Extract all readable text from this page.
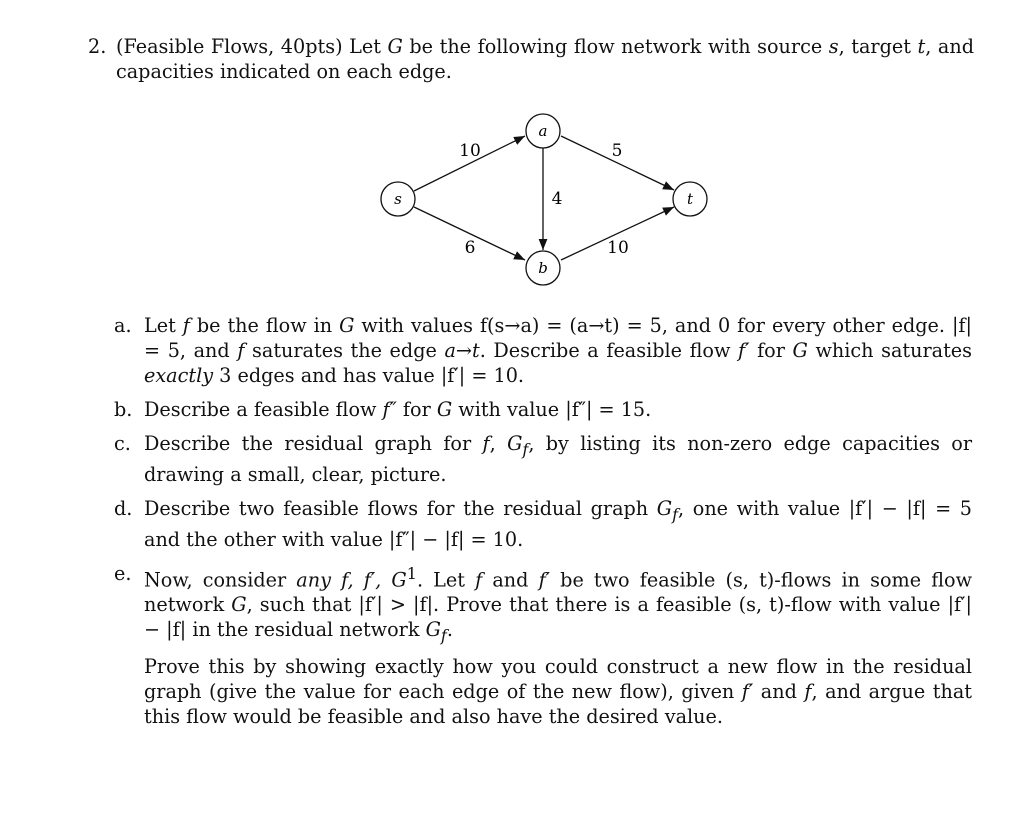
2. (Feasible Flows, 40pts) Let G be the following flow network with source s, target t, and capacities indicated on each edge.
10	5
4
6	10
s
a
b
t
a. Let f be the flow in G with values f(s→a) = (a→t) = 5, and 0 for every other edge. |f| = 5, and f saturates the edge a→t. Describe a feasible flow f′ for G which saturates exactly 3 edges and has value |f′| = 10.

b. Describe a feasible flow f″ for G with value |f″| = 15.

c. Describe the residual graph for f, $G_f$, by listing its non-zero edge capacities or drawing a small, clear, picture.

d. Describe two feasible flows for the residual graph $G_f$, one with value |f′| − |f| = 5 and the other with value |f″| − |f| = 10.

e. Now, consider any f, f′, $G^1$. Let f and f′ be two feasible (s, t)-flows in some flow network G, such that |f′| > |f|. Prove that there is a feasible (s, t)-flow with value |f′| − |f| in the residual network $G_f$.

Prove this by showing exactly how you could construct a new flow in the residual graph (give the value for each edge of the new flow), given f′ and f, and argue that this flow would be feasible and also have the desired value.
